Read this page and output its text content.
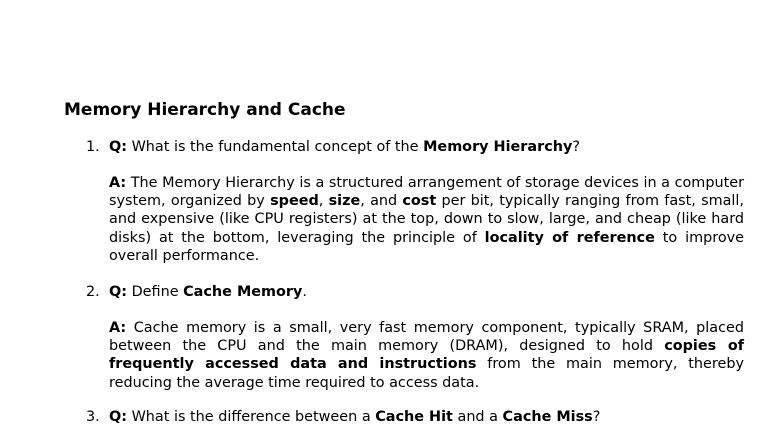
Memory Hierarchy and Cache
1. Q: What is the fundamental concept of the Memory Hierarchy?

A: The Memory Hierarchy is a structured arrangement of storage devices in a computer system, organized by speed, size, and cost per bit, typically ranging from fast, small, and expensive (like CPU registers) at the top, down to slow, large, and cheap (like hard disks) at the bottom, leveraging the principle of locality of reference to improve overall performance.

2. Q: Define Cache Memory.

A: Cache memory is a small, very fast memory component, typically SRAM, placed between the CPU and the main memory (DRAM), designed to hold copies of frequently accessed data and instructions from the main memory, thereby reducing the average time required to access data.

3. Q: What is the difference between a Cache Hit and a Cache Miss?
